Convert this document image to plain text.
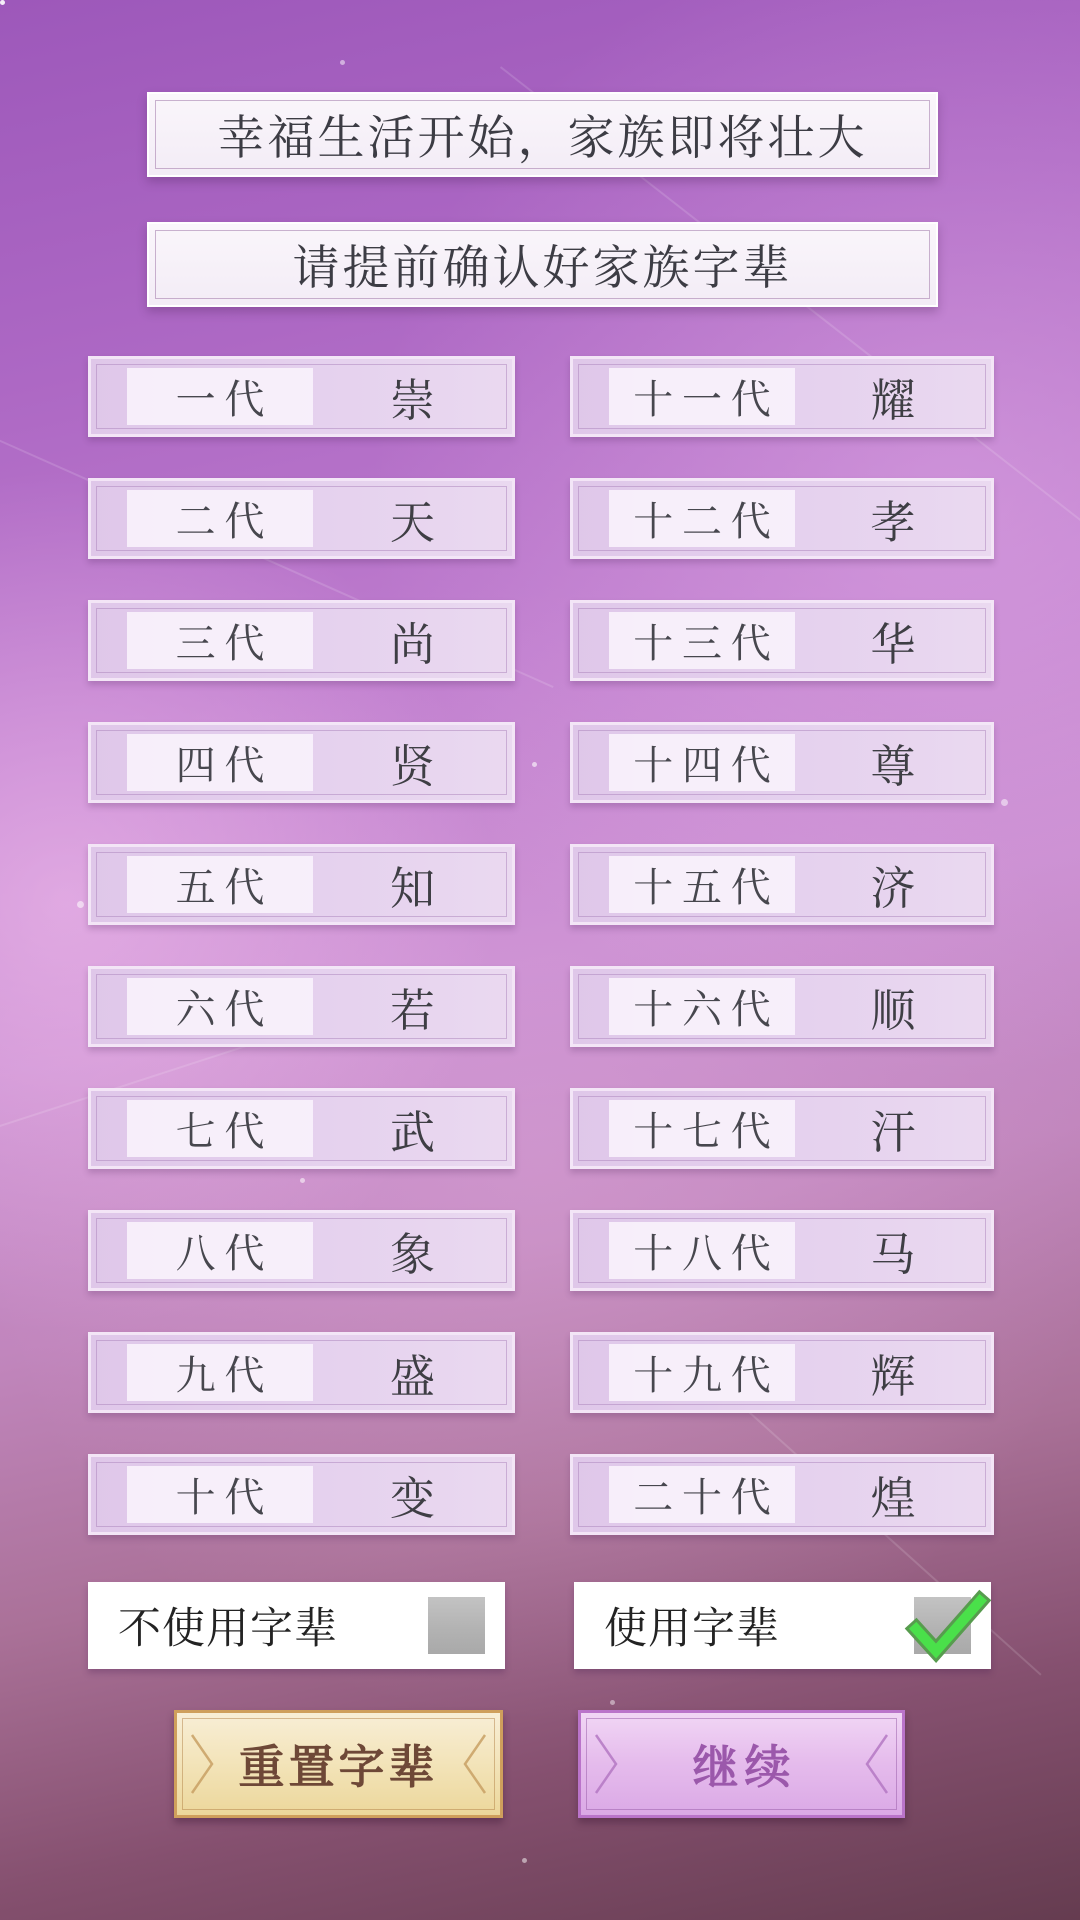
幸福生活开始，家族即将壮大
请提前确认好家族字辈
一代	崇
二代	天
三代	尚
四代	贤
五代	知
六代	若
七代	武
八代	象
九代	盛
十代	变
十一代	耀
十二代	孝
十三代	华
十四代	尊
十五代	济
十六代	顺
十七代	汗
十八代	马
十九代	辉
二十代	煌
不使用字辈	使用字辈
重置字辈	继续
